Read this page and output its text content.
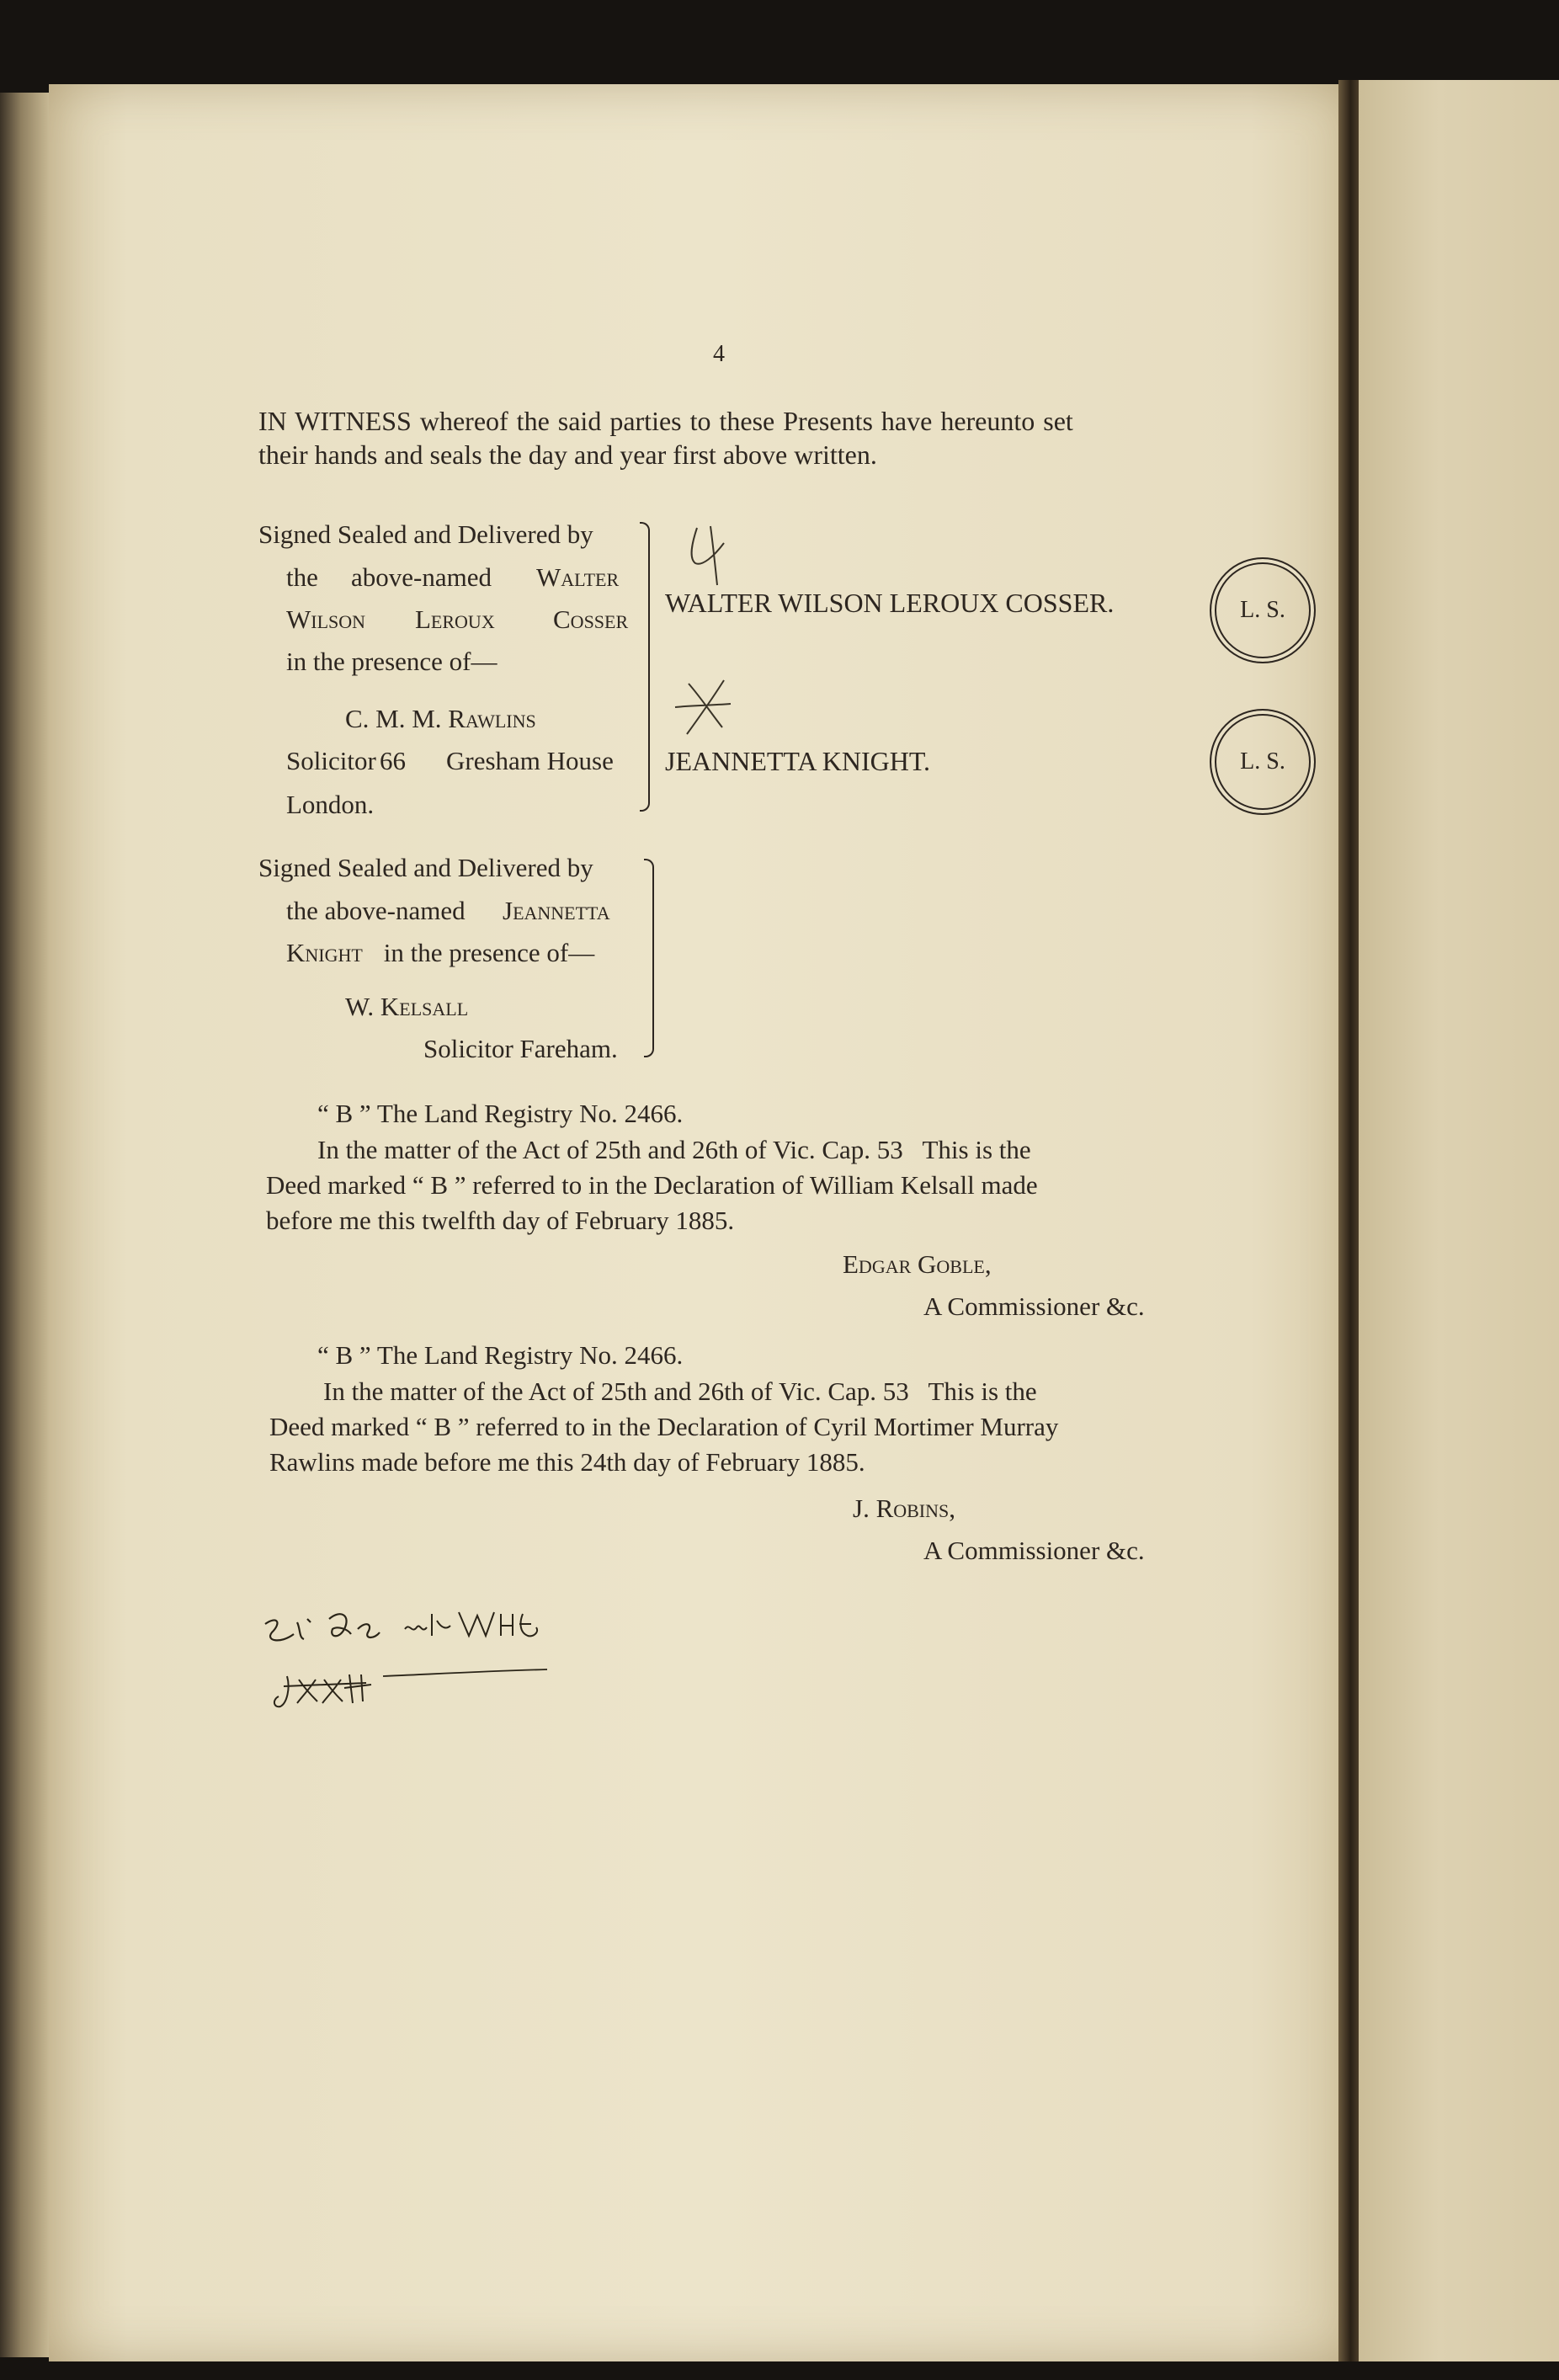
4
IN WITNESS whereof the said parties to these Presents have hereunto set
their hands and seals the day and year first above written.
Signed Sealed and Delivered by
the above-named Walter
Wilson Leroux Cosser
in the presence of—
C. M. M. Rawlins
Solicitor 66 Gresham House
London.
WALTER WILSON LEROUX COSSER.
JEANNETTA KNIGHT.
L. S.
L. S.
Signed Sealed and Delivered by
the above-named Jeannetta
Knight in the presence of—
W. Kelsall
Solicitor Fareham.
“ B ” The Land Registry No. 2466.
In the matter of the Act of 25th and 26th of Vic. Cap. 53   This is the
Deed marked “ B ” referred to in the Declaration of William Kelsall made
before me this twelfth day of February 1885.
Edgar Goble,
A Commissioner &c.
“ B ” The Land Registry No. 2466.
In the matter of the Act of 25th and 26th of Vic. Cap. 53   This is the
Deed marked “ B ” referred to in the Declaration of Cyril Mortimer Murray
Rawlins made before me this 24th day of February 1885.
J. Robins,
A Commissioner &c.
